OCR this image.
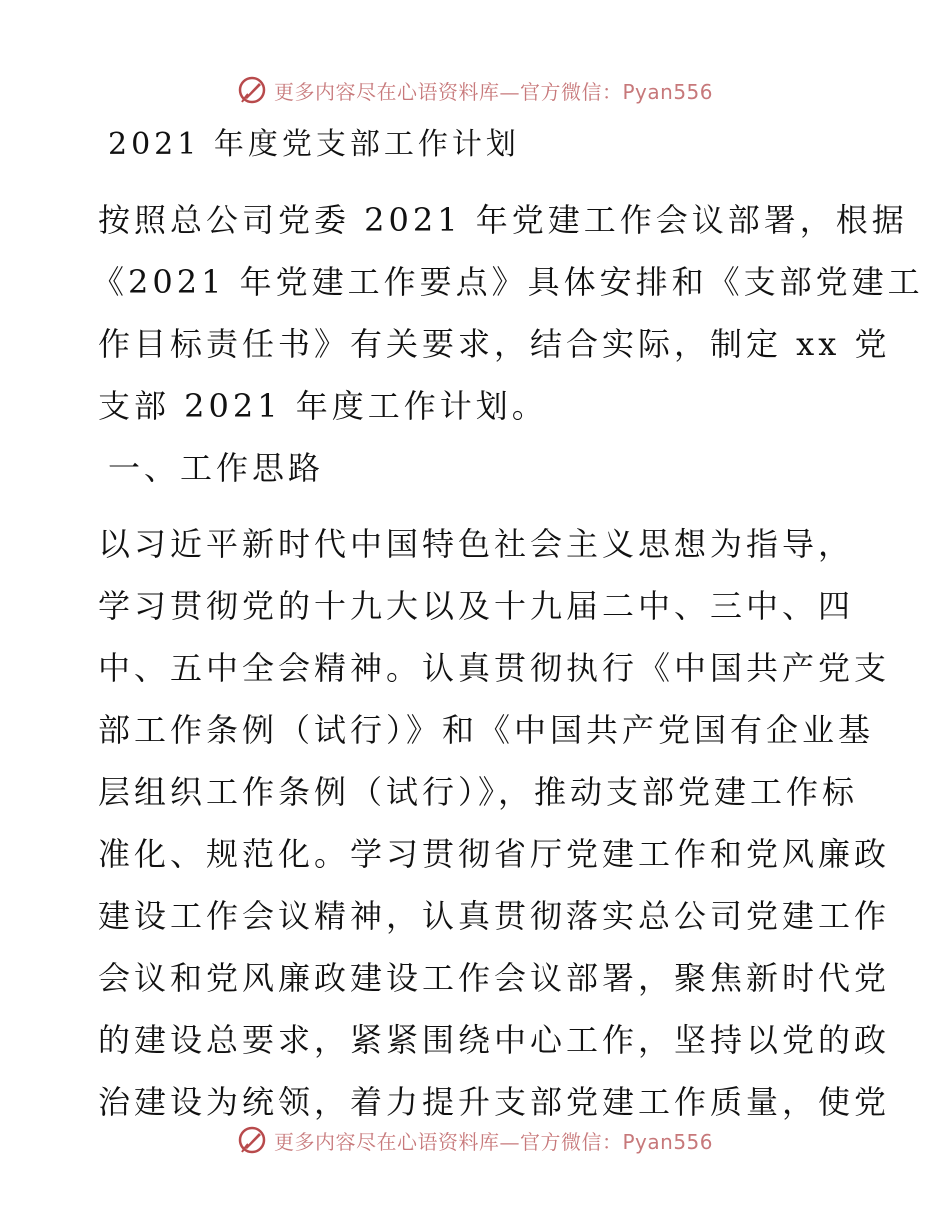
更多内容尽在心语资料库—官方微信：Pyan556
2021 年度党支部工作计划
按照总公司党委 2021 年党建工作会议部署，根据
《2021 年党建工作要点》具体安排和《支部党建工
作目标责任书》有关要求，结合实际，制定 xx 党
支部 2021 年度工作计划。
一、工作思路
以习近平新时代中国特色社会主义思想为指导，
学习贯彻党的十九大以及十九届二中、三中、四
中、五中全会精神。认真贯彻执行《中国共产党支
部工作条例（试行）》和《中国共产党国有企业基
层组织工作条例（试行）》，推动支部党建工作标
准化、规范化。学习贯彻省厅党建工作和党风廉政
建设工作会议精神，认真贯彻落实总公司党建工作
会议和党风廉政建设工作会议部署，聚焦新时代党
的建设总要求，紧紧围绕中心工作，坚持以党的政
治建设为统领，着力提升支部党建工作质量，使党
更多内容尽在心语资料库—官方微信：Pyan556
